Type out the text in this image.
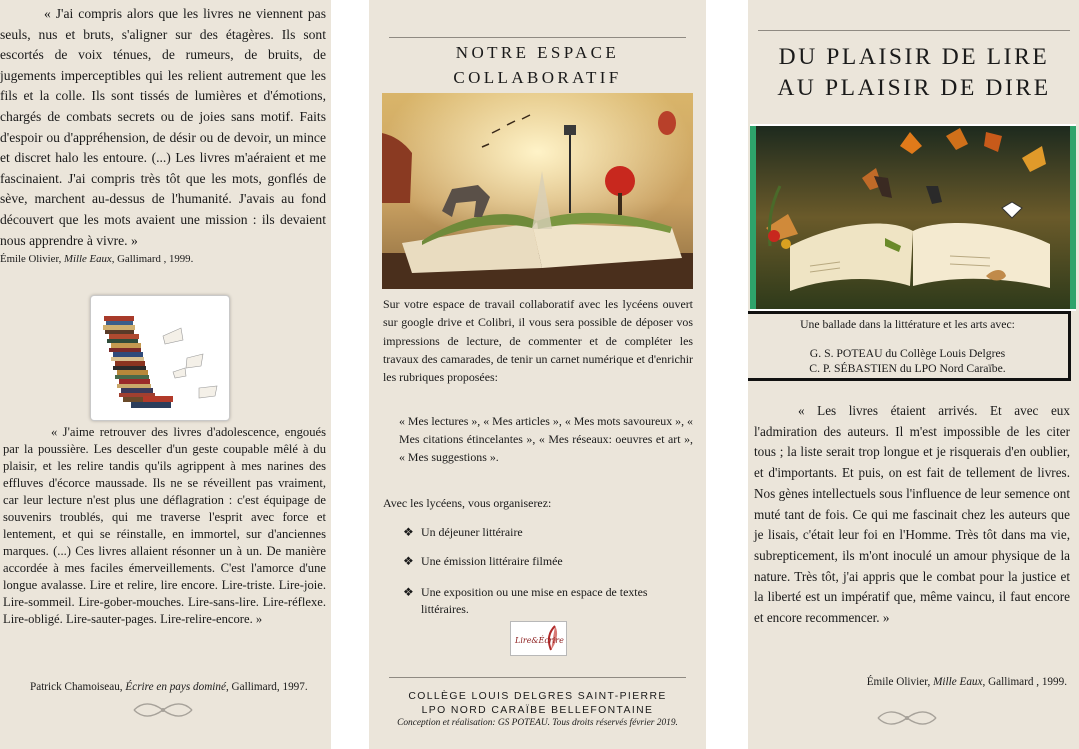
« J'ai compris alors que les livres ne viennent pas seuls, nus et bruts, s'aligner sur des étagères. Ils sont escortés de voix ténues, de rumeurs, de bruits, de jugements imperceptibles qui les relient autrement que les fils et la colle. Ils sont tissés de lumières et d'émotions, chargés de combats secrets ou de joies sans motif. Faits d'espoir ou d'appréhension, de désir ou de devoir, un mince et discret halo les entoure. (...) Les livres m'aéraient et me fascinaient. J'ai compris très tôt que les mots, gonflés de sève, marchent au-dessus de l'humanité. J'avais au fond découvert que les mots avaient une mission : ils devaient nous apprendre à vivre. »
Émile Olivier, Mille Eaux, Gallimard , 1999.
« J'aime retrouver des livres d'adolescence, engoués par la poussière. Les desceller d'un geste coupable mêlé à du plaisir, et les relire tandis qu'ils agrippent à mes narines des effluves d'écorce maussade. Ils ne se réveillent pas vraiment, car leur lecture n'est plus une déflagration : c'est équipage de souvenirs troublés, qui me traverse l'esprit avec force et lentement, et qui se réinstalle, en immortel, sur d'anciennes marques. (...) Ces livres allaient résonner un à un. De manière accordée à mes faciles émerveillements. C'est l'amorce d'une longue avalasse. Lire et relire, lire encore. Lire-triste. Lire-joie. Lire-sommeil. Lire-gober-mouches. Lire-sans-lire. Lire-réflexe. Lire-obligé. Lire-sauter-pages. Lire-relire-encore. »
Patrick Chamoiseau, Écrire en pays dominé, Gallimard, 1997.
NOTRE ESPACE
COLLABORATIF
Sur votre espace de travail collaboratif avec les lycéens ouvert sur google drive et Colibri, il vous sera possible de déposer vos impressions de lecture, de commenter et de compléter les travaux des camarades, de tenir un carnet numérique et d'enrichir les rubriques proposées:
« Mes lectures », « Mes articles », « Mes mots savoureux », « Mes citations étincelantes », « Mes réseaux: oeuvres et art », « Mes suggestions ».
Avec les lycéens, vous organiserez:
❖ Un déjeuner littéraire
❖ Une émission littéraire filmée
❖ Une exposition ou une mise en espace de textes littéraires.
Lire&Écrire
COLLÈGE LOUIS DELGRES SAINT-PIERRE
LPO NORD CARAÏBE BELLEFONTAINE
Conception et réalisation: GS POTEAU. Tous droits réservés février 2019.
DU PLAISIR DE LIRE
AU PLAISIR DE DIRE
Une ballade dans la littérature et les arts avec:
G. S. POTEAU du Collège Louis Delgres
C. P. SÉBASTIEN du LPO Nord Caraïbe.
« Les livres étaient arrivés. Et avec eux l'admiration des auteurs. Il m'est impossible de les citer tous ; la liste serait trop longue et je risquerais d'en oublier, et d'importants. Et puis, on est fait de tellement de livres. Nos gènes intellectuels sous l'influence de leur semence ont muté tant de fois. Ce qui me fascinait chez les auteurs que je lisais, c'était leur foi en l'Homme. Très tôt dans ma vie, subrepticement, ils m'ont inoculé un amour physique de la nature. Très tôt, j'ai appris que le combat pour la justice et la liberté est un impératif que, même vaincu, il faut encore et encore recommencer. »
Émile Olivier, Mille Eaux, Gallimard , 1999.
